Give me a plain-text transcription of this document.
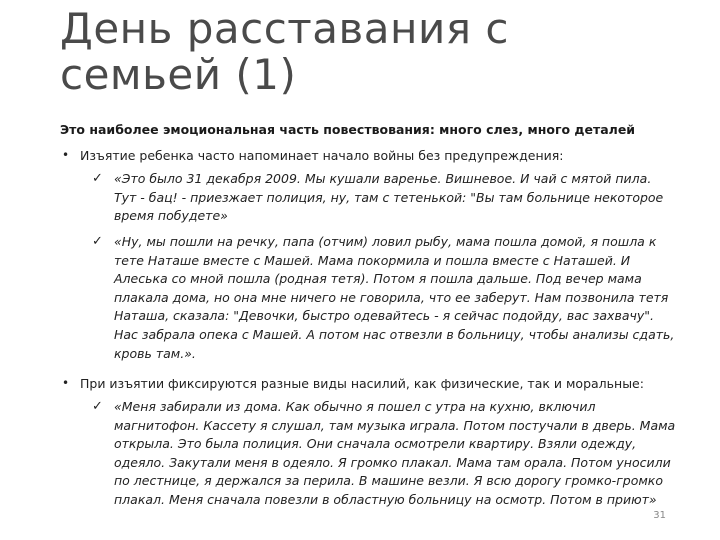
День расставания с семьей (1)
Это наиболее эмоциональная часть повествования: много слез, много деталей
• Изъятие ребенка часто напоминает начало войны без предупреждения:
✓ «Это было 31 декабря 2009. Мы кушали варенье. Вишневое. И чай с мятой пила. Тут - бац! - приезжает полиция, ну, там с тетенькой: "Вы там больнице некоторое время побудете»
✓ «Ну, мы пошли на речку, папа (отчим) ловил рыбу, мама пошла домой, я пошла к тете Наташе вместе с Машей. Мама покормила и пошла вместе с Наташей. И Алеська со мной пошла (родная тетя). Потом я пошла дальше. Под вечер мама плакала дома, но она мне ничего не говорила, что ее заберут. Нам позвонила тетя Наташа, сказала: "Девочки, быстро одевайтесь - я сейчас подойду, вас захвачу". Нас забрала опека с Машей. А потом нас отвезли в больницу, чтобы анализы сдать, кровь там.».
• При изъятии фиксируются разные виды насилий, как физические, так и моральные:
✓ «Меня забирали из дома. Как обычно я пошел с утра на кухню, включил магнитофон. Кассету я слушал, там музыка играла. Потом постучали в дверь. Мама открыла. Это была полиция. Они сначала осмотрели квартиру. Взяли одежду, одеяло. Закутали меня в одеяло. Я громко плакал. Мама там орала. Потом уносили по лестнице, я держался за перила. В машине везли. Я всю дорогу громко-громко плакал. Меня сначала повезли в областную больницу на осмотр. Потом в приют»
31
